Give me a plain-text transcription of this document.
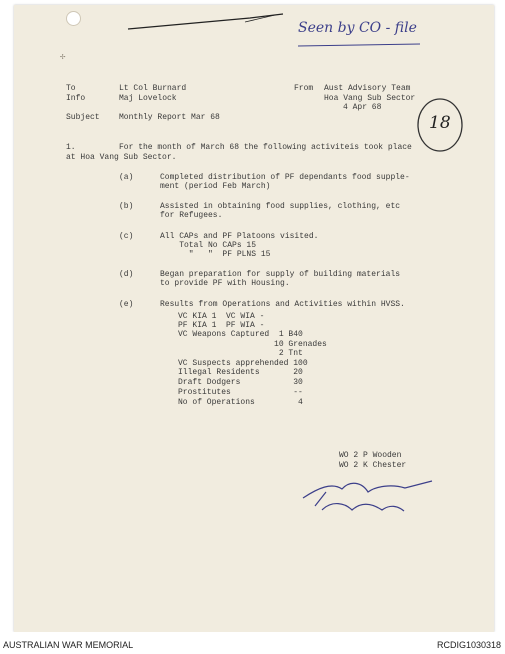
✢
Seen by CO - file
18
To	Lt Col Burnard
Info	Maj Lovelock
Subject Monthly Report Mar 68
From Aust Advisory Team
Hoa Vang Sub Sector
4 Apr 68
1.	For the month of March 68 the following activiteis took place
at Hoa Vang Sub Sector.
(a)	Completed distribution of PF dependants food supple-
ment (period Feb March)
(b)	Assisted in obtaining food supplies, clothing, etc
for Refugees.
(c)	All CAPs and PF Platoons visited.
Total No CAPs 15
"   "  PF PLNS 15
(d)	Began preparation for supply of building materials
to provide PF with Housing.
(e)	Results from Operations and Activities within HVSS.
VC KIA 1  VC WIA -
PF KIA 1  PF WIA -
VC Weapons Captured  1 B40
10 Grenades
2 Tnt
VC Suspects apprehended 100
Illegal Residents       20
Draft Dodgers           30
Prostitutes             --
No of Operations         4
WO 2 P Wooden
WO 2 K Chester
AUSTRALIAN WAR MEMORIAL	RCDIG1030318
